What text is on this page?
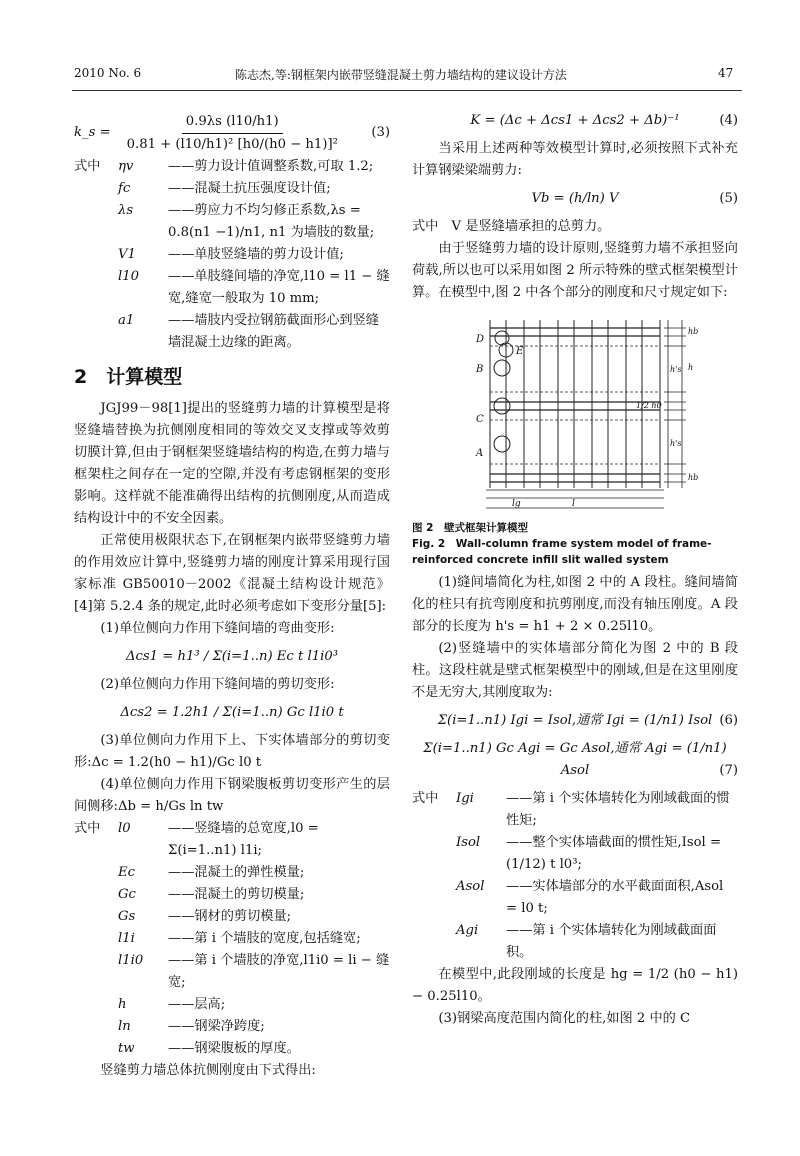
2010 No. 6	陈志杰,等:钢框架内嵌带竖缝混凝土剪力墙结构的建议设计方法	47
k_s = $\frac{0.9\lambda s (l10/h1)}{\text{0.81 + (l10/h1)² [h0/(h0 − h1)]²}} (3)$
式中	ηv	——剪力设计值调整系数,可取 1.2;
fc	——混凝土抗压强度设计值;
λs	——剪应力不均匀修正系数,λs = 0.8(n1 −1)/n1, n1 为墙肢的数量;
V1	——单肢竖缝墙的剪力设计值;
l10	——单肢缝间墙的净宽,l10 = l1 − 缝宽,缝宽一般取为 10 mm;
a1	——墙肢内受拉钢筋截面形心到竖缝墙混凝土边缘的距离。
2　 计算模型

JGJ99－98[1]提出的竖缝剪力墙的计算模型是将竖缝墙替换为抗侧刚度相同的等效交叉支撑或等效剪切膜计算,但由于钢框架竖缝墙结构的构造,在剪力墙与框架柱之间存在一定的空隙,并没有考虑钢框架的变形影响。这样就不能准确得出结构的抗侧刚度,从而造成结构设计中的不安全因素。

正常使用极限状态下,在钢框架内嵌带竖缝剪力墙的作用效应计算中,竖缝剪力墙的刚度计算采用现行国家标准 GB50010－2002《混凝土结构设计规范》[4]第 5.2.4 条的规定,此时必须考虑如下变形分量[5]:

(1)单位侧向力作用下缝间墙的弯曲变形:

Δcs1 = h1³ / Σ(i=1..n) Ec t l1i0³

(2)单位侧向力作用下缝间墙的剪切变形:

Δcs2 = 1.2h1 / Σ(i=1..n) Gc l1i0 t

(3)单位侧向力作用下上、下实体墙部分的剪切变形:Δc = 1.2(h0 − h1)/Gc l0 t

(4)单位侧向力作用下钢梁腹板剪切变形产生的层间侧移:Δb = h/Gs ln tw

式中	l0	——竖缝墙的总宽度,l0 = Σ(i=1..n1) l1i;
Ec	——混凝土的弹性模量;
Gc	——混凝土的剪切模量;
Gs	——钢材的剪切模量;
l1i	——第 i 个墙肢的宽度,包括缝宽;
l1i0	——第 i 个墙肢的净宽,l1i0 = li − 缝宽;
h	——层高;
ln	——钢梁净跨度;
tw	——钢梁腹板的厚度。

竖缝剪力墙总体抗侧刚度由下式得出:

K = (Δc + Δcs1 + Δcs2 + Δb)⁻¹	(4)

当采用上述两种等效模型计算时,必须按照下式补充计算钢梁梁端剪力:

Vb = (h/ln) V	(5)

式中　V 是竖缝墙承担的总剪力。

由于竖缝剪力墙的设计原则,竖缝剪力墙不承担竖向荷载,所以也可以采用如图 2 所示特殊的壁式框架模型计算。在模型中,图 2 中各个部分的刚度和尺寸规定如下:

D
E
B
C
A
hb
h
h's
1/2 h0
h's
hb
l
lg
图 2　壁式框架计算模型
Fig. 2　Wall-column frame system model of frame-reinforced concrete infill slit walled system

(1)缝间墙简化为柱,如图 2 中的 A 段柱。缝间墙简化的柱只有抗弯刚度和抗剪刚度,而没有轴压刚度。A 段部分的长度为 h's = h1 + 2 × 0.25l10。

(2)竖缝墙中的实体墙部分简化为图 2 中的 B 段柱。这段柱就是壁式框架模型中的刚域,但是在这里刚度不是无穷大,其刚度取为:

Σ(i=1..n1) Igi = Isol,通常 Igi = (1/n1) Isol (6)
Σ(i=1..n1) Gc Agi = Gc Asol,通常 Agi = (1/n1) Asol	(7)
式中	Igi	——第 i 个实体墙转化为刚域截面的惯性矩;
Isol	——整个实体墙截面的惯性矩,Isol = (1/12) t l0³;
Asol	——实体墙部分的水平截面面积,Asol = l0 t;
Agi	——第 i 个实体墙转化为刚域截面面积。

在模型中,此段刚域的长度是 hg = 1/2 (h0 − h1) − 0.25l10。

(3)钢梁高度范围内简化的柱,如图 2 中的 C
